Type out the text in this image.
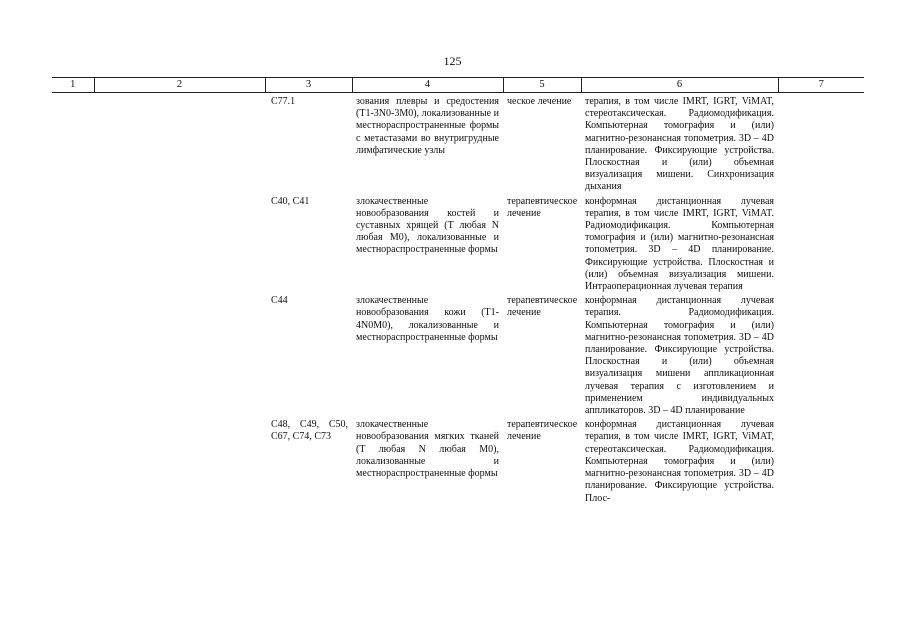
125
1	2	3	4	5	6	7
		C77.1	зования плевры и средостения (T1-3N0-3M0), локализованные и местнораспространенные формы с метастазами во внутригрудные лимфатические узлы	ческое лечение	терапия, в том числе IMRT, IGRT, ViMAT, стереотаксическая. Радиомодификация. Компьютерная томография и (или) магнитно-резонансная топометрия. 3D – 4D планирование. Фиксирующие устройства. Плоскостная и (или) объемная визуализация мишени. Синхронизация дыхания	
		C40, C41	злокачественные новообразования костей и суставных хрящей (T любая N любая M0), локализованные и местнораспространенные формы	терапевтическое лечение	конформная дистанционная лучевая терапия, в том числе IMRT, IGRT, ViMAT. Радиомодификация. Компьютерная томография и (или) магнитно-резонансная топометрия. 3D – 4D планирование. Фиксирующие устройства. Плоскостная и (или) объемная визуализация мишени. Интраоперационная лучевая терапия	
		C44	злокачественные новообразования кожи (T1-4N0M0), локализованные и местнораспространенные формы	терапевтическое лечение	конформная дистанционная лучевая терапия. Радиомодификация. Компьютерная томография и (или) магнитно-резонансная топометрия. 3D – 4D планирование. Фиксирующие устройства. Плоскостная и (или) объемная визуализация мишени аппликационная лучевая терапия с изготовлением и применением индивидуальных аппликаторов. 3D – 4D планирование	
		C48, C49, C50, C67, C74, C73	злокачественные новообразования мягких тканей (T любая N любая M0), локализованные и местнораспространенные формы	терапевтическое лечение	конформная дистанционная лучевая терапия, в том числе IMRT, IGRT, ViMAT, стереотаксическая. Радиомодификация. Компьютерная томография и (или) магнитно-резонансная топометрия. 3D – 4D планирование. Фиксирующие устройства. Плос-	
